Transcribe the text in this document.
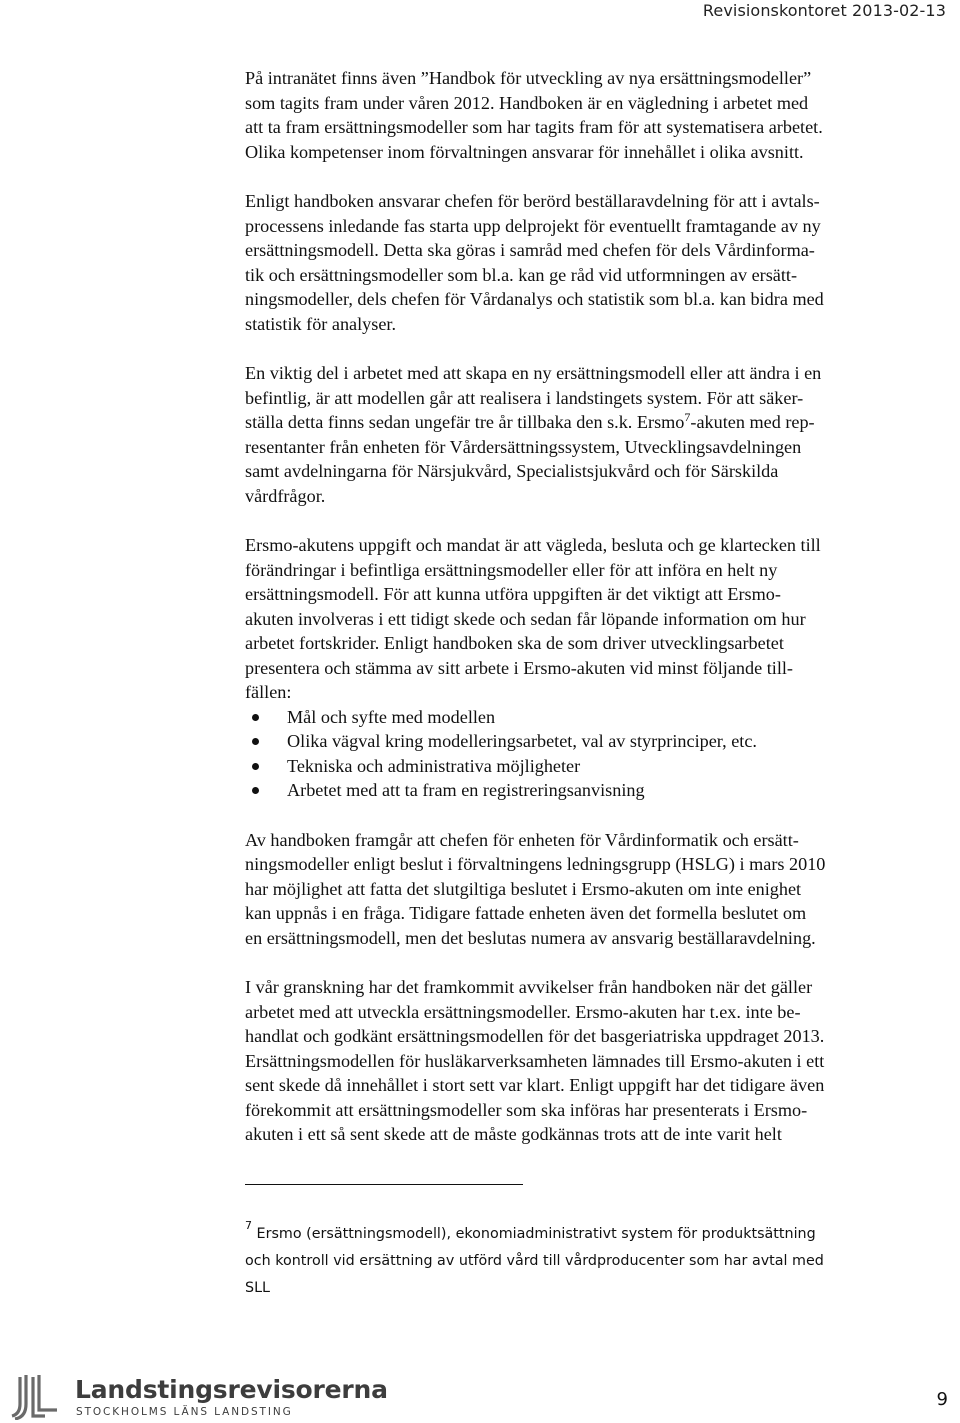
Revisionskontoret 2013-02-13

På intranätet finns även ”Handbok för utveckling av nya ersättningsmodeller”
som tagits fram under våren 2012. Handboken är en vägledning i arbetet med
att ta fram ersättningsmodeller som har tagits fram för att systematisera arbetet.
Olika kompetenser inom förvaltningen ansvarar för innehållet i olika avsnitt.

Enligt handboken ansvarar chefen för berörd beställaravdelning för att i avtals-
processens inledande fas starta upp delprojekt för eventuellt framtagande av ny
ersättningsmodell. Detta ska göras i samråd med chefen för dels Vårdinforma-
tik och ersättningsmodeller som bl.a. kan ge råd vid utformningen av ersätt-
ningsmodeller, dels chefen för Vårdanalys och statistik som bl.a. kan bidra med
statistik för analyser.

En viktig del i arbetet med att skapa en ny ersättningsmodell eller att ändra i en
befintlig, är att modellen går att realisera i landstingets system. För att säker-
ställa detta finns sedan ungefär tre år tillbaka den s.k. Ersmo$^7$-akuten med rep-
resentanter från enheten för Vårdersättningssystem, Utvecklingsavdelningen
samt avdelningarna för Närsjukvård, Specialistsjukvård och för Särskilda
vårdfrågor.

Ersmo-akutens uppgift och mandat är att vägleda, besluta och ge klartecken till
förändringar i befintliga ersättningsmodeller eller för att införa en helt ny
ersättningsmodell. För att kunna utföra uppgiften är det viktigt att Ersmo-
akuten involveras i ett tidigt skede och sedan får löpande information om hur
arbetet fortskrider. Enligt handboken ska de som driver utvecklingsarbetet
presentera och stämma av sitt arbete i Ersmo-akuten vid minst följande till-
fällen:

Mål och syfte med modellen
Olika vägval kring modelleringsarbetet, val av styrprinciper, etc.
Tekniska och administrativa möjligheter
Arbetet med att ta fram en registreringsanvisning

Av handboken framgår att chefen för enheten för Vårdinformatik och ersätt-
ningsmodeller enligt beslut i förvaltningens ledningsgrupp (HSLG) i mars 2010
har möjlighet att fatta det slutgiltiga beslutet i Ersmo-akuten om inte enighet
kan uppnås i en fråga. Tidigare fattade enheten även det formella beslutet om
en ersättningsmodell, men det beslutas numera av ansvarig beställaravdelning.

I vår granskning har det framkommit avvikelser från handboken när det gäller
arbetet med att utveckla ersättningsmodeller. Ersmo-akuten har t.ex. inte be-
handlat och godkänt ersättningsmodellen för det basgeriatriska uppdraget 2013.
Ersättningsmodellen för husläkarverksamheten lämnades till Ersmo-akuten i ett
sent skede då innehållet i stort sett var klart. Enligt uppgift har det tidigare även
förekommit att ersättningsmodeller som ska införas har presenterats i Ersmo-
akuten i ett så sent skede att de måste godkännas trots att de inte varit helt

$^7$ Ersmo (ersättningsmodell), ekonomiadministrativt system för produktsättning
och kontroll vid ersättning av utförd vård till vårdproducenter som har avtal med
SLL
Landstingsrevisorerna
STOCKHOLMS LÄNS LANDSTING
9
